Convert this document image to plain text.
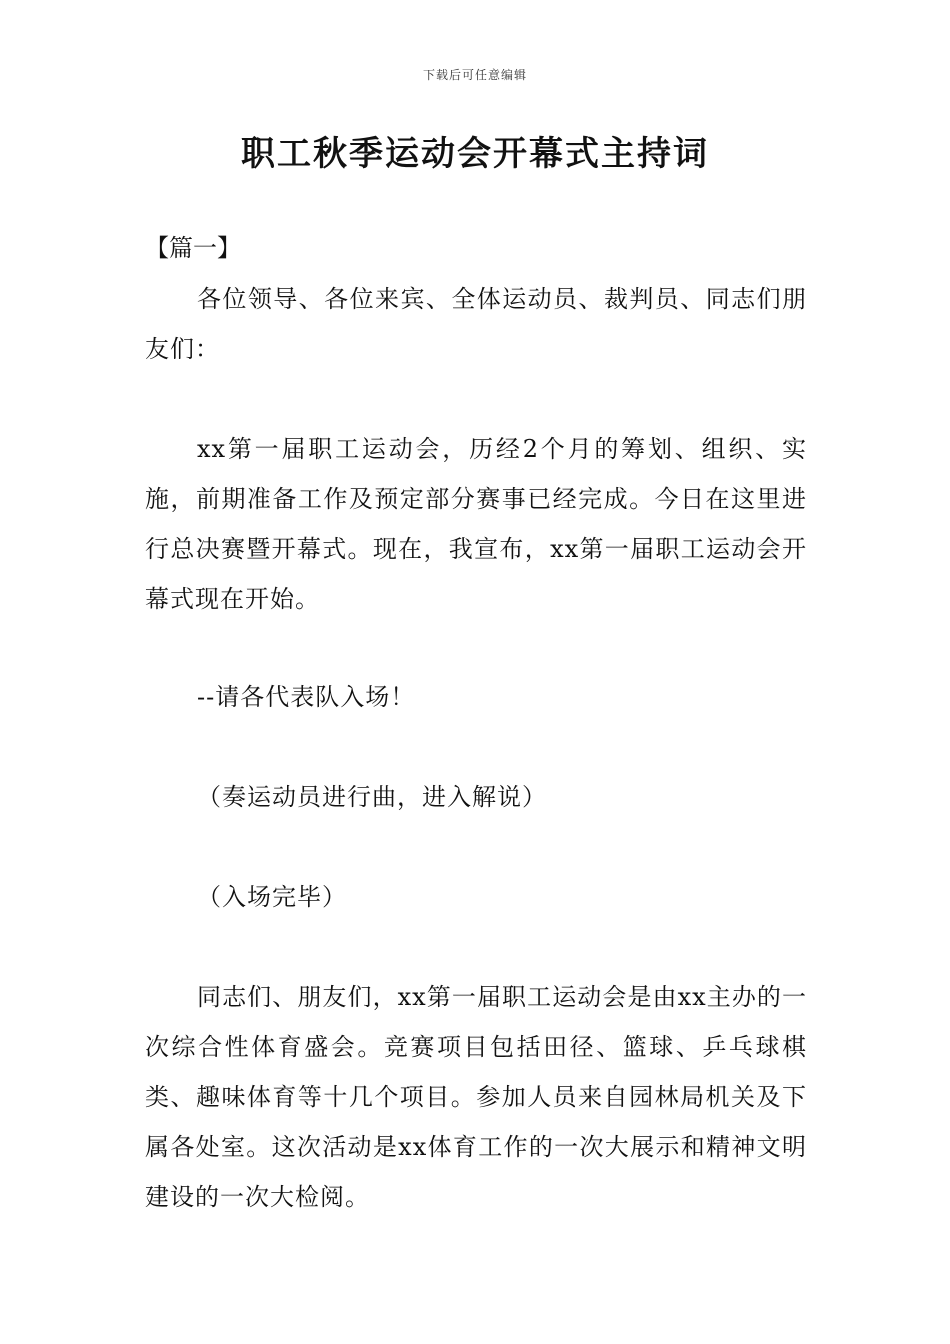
下载后可任意编辑
职工秋季运动会开幕式主持词

【篇一】

各位领导、各位来宾、全体运动员、裁判员、同志们朋友们：

xx第一届职工运动会，历经2个月的筹划、组织、实施，前期准备工作及预定部分赛事已经完成。今日在这里进行总决赛暨开幕式。现在，我宣布，xx第一届职工运动会开幕式现在开始。

--请各代表队入场！

（奏运动员进行曲，进入解说）

（入场完毕）

同志们、朋友们，xx第一届职工运动会是由xx主办的一次综合性体育盛会。竞赛项目包括田径、篮球、乒乓球棋类、趣味体育等十几个项目。参加人员来自园林局机关及下属各处室。这次活动是xx体育工作的一次大展示和精神文明建设的一次大检阅。
